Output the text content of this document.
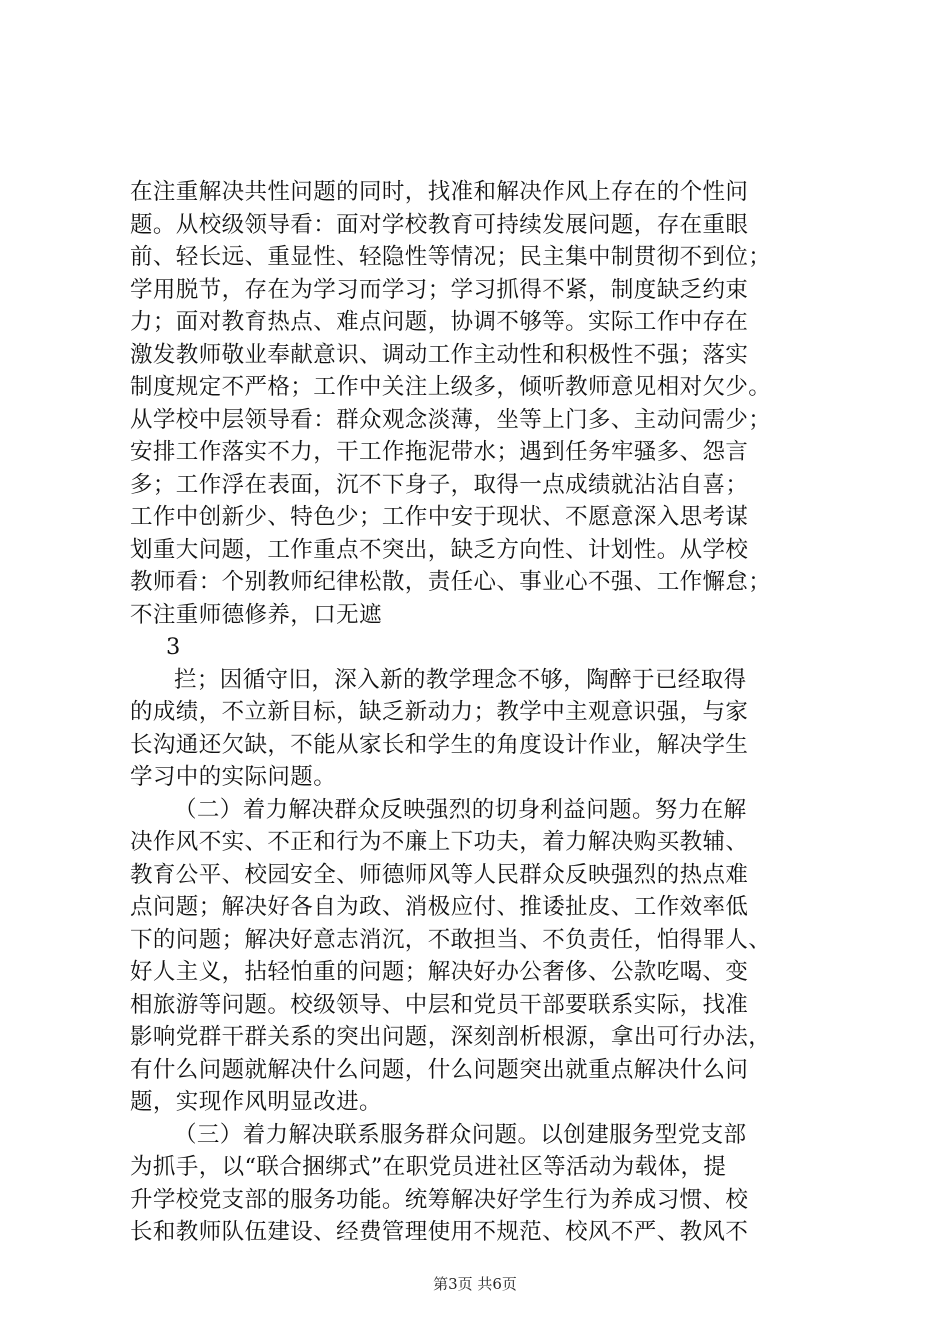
在注重解决共性问题的同时，找准和解决作风上存在的个性问
题。从校级领导看：面对学校教育可持续发展问题，存在重眼
前、轻长远、重显性、轻隐性等情况；民主集中制贯彻不到位；
学用脱节，存在为学习而学习；学习抓得不紧，制度缺乏约束
力；面对教育热点、难点问题，协调不够等。实际工作中存在
激发教师敬业奉献意识、调动工作主动性和积极性不强；落实
制度规定不严格；工作中关注上级多，倾听教师意见相对欠少。
从学校中层领导看：群众观念淡薄，坐等上门多、主动问需少；
安排工作落实不力，干工作拖泥带水；遇到任务牢骚多、怨言
多；工作浮在表面，沉不下身子，取得一点成绩就沾沾自喜；
工作中创新少、特色少；工作中安于现状、不愿意深入思考谋
划重大问题，工作重点不突出，缺乏方向性、计划性。从学校
教师看：个别教师纪律松散，责任心、事业心不强、工作懈怠；
不注重师德修养，口无遮
3
拦；因循守旧，深入新的教学理念不够，陶醉于已经取得
的成绩，不立新目标，缺乏新动力；教学中主观意识强，与家
长沟通还欠缺，不能从家长和学生的角度设计作业，解决学生
学习中的实际问题。
（二）着力解决群众反映强烈的切身利益问题。努力在解
决作风不实、不正和行为不廉上下功夫，着力解决购买教辅、
教育公平、校园安全、师德师风等人民群众反映强烈的热点难
点问题；解决好各自为政、消极应付、推诿扯皮、工作效率低
下的问题；解决好意志消沉，不敢担当、不负责任，怕得罪人、
好人主义，拈轻怕重的问题；解决好办公奢侈、公款吃喝、变
相旅游等问题。校级领导、中层和党员干部要联系实际，找准
影响党群干群关系的突出问题，深刻剖析根源，拿出可行办法，
有什么问题就解决什么问题，什么问题突出就重点解决什么问
题，实现作风明显改进。
（三）着力解决联系服务群众问题。以创建服务型党支部
为抓手，以“联合捆绑式”在职党员进社区等活动为载体，提
升学校党支部的服务功能。统筹解决好学生行为养成习惯、校
长和教师队伍建设、经费管理使用不规范、校风不严、教风不
第3页 共6页
